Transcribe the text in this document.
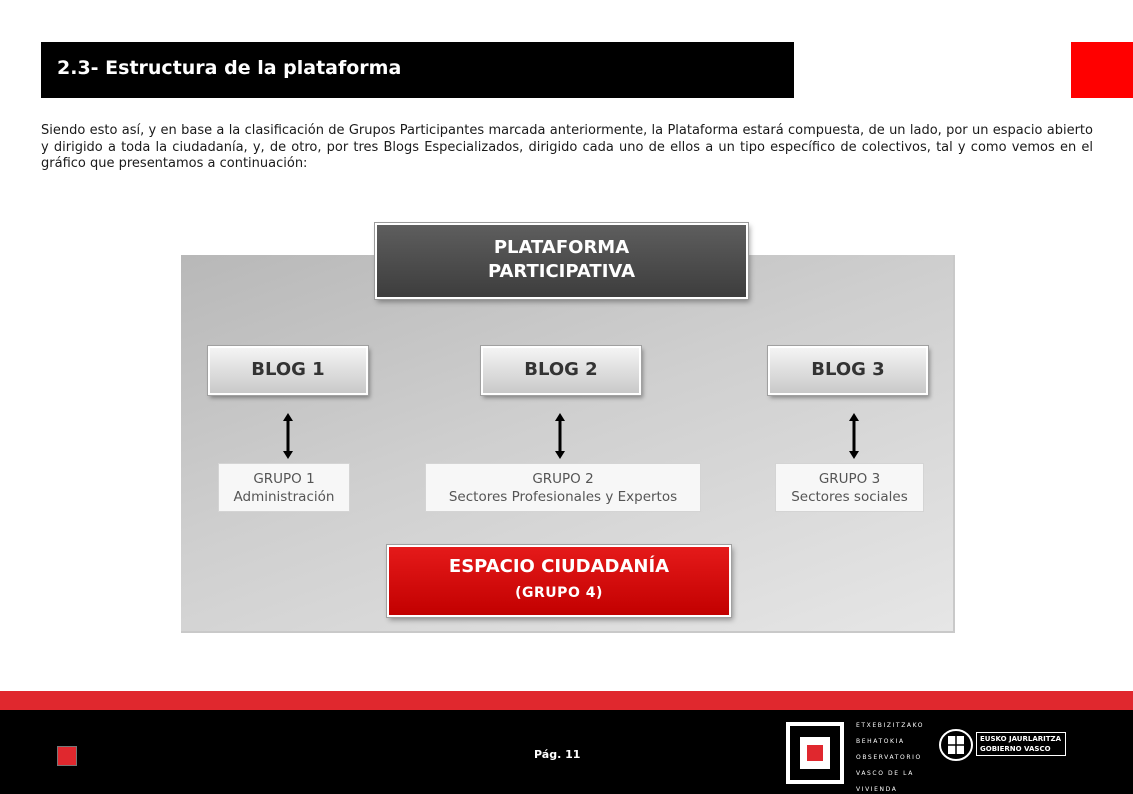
2.3- Estructura de la plataforma

Siendo esto así, y en base a la clasificación de Grupos Participantes marcada anteriormente, la Plataforma estará compuesta, de un lado, por un espacio abierto y dirigido a toda la ciudadanía, y, de otro, por tres Blogs Especializados, dirigido cada uno de ellos a un tipo específico de colectivos, tal y como vemos en el gráfico que presentamos a continuación:

PLATAFORMA
PARTICIPATIVA
BLOG 1	BLOG 2	BLOG 3
GRUPO 1
Administración
GRUPO 2
Sectores Profesionales y Expertos
GRUPO 3
Sectores sociales
ESPACIO CIUDADANÍA
(GRUPO 4)
Pág. 11
ETXEBIZITZAKO
BEHATOKIA
OBSERVATORIO
VASCO DE LA
VIVIENDA
EUSKO JAURLARITZA
GOBIERNO VASCO
